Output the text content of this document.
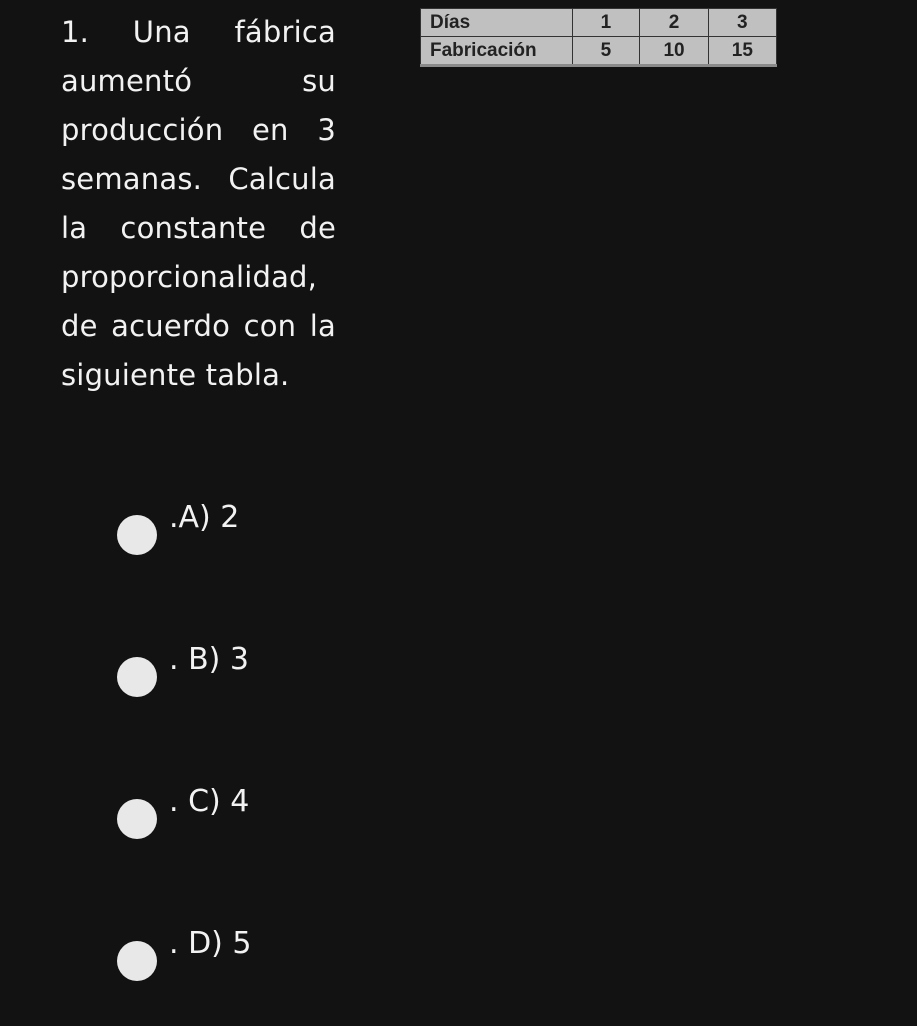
1. Una fábrica aumentó su producción en 3 semanas. Calcula la constante de proporcionalidad, de acuerdo con la siguiente tabla.
Días	1	2	3
Fabricación	5	10	15
.A) 2
. B) 3
. C) 4
. D) 5
